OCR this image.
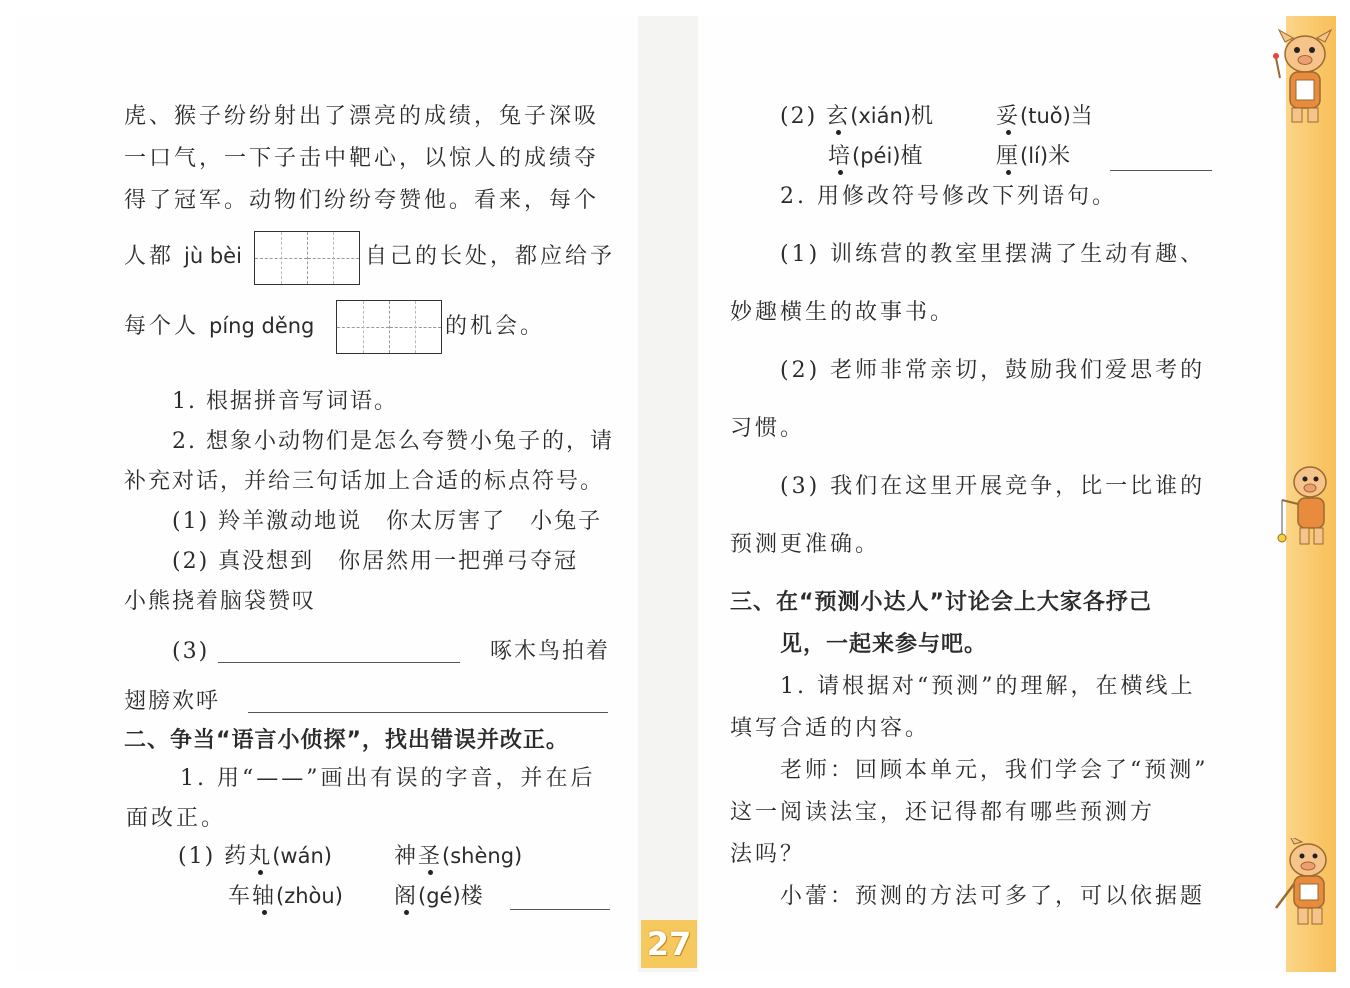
虎、猴子纷纷射出了漂亮的成绩，兔子深吸
一口气，一下子击中靶心，以惊人的成绩夺
得了冠军。动物们纷纷夸赞他。看来，每个
人都 jù bèi	自己的长处，都应给予
每个人 píng děng	的机会。
1. 根据拼音写词语。
2. 想象小动物们是怎么夸赞小兔子的，请
补充对话，并给三句话加上合适的标点符号。
(1) 羚羊激动地说　你太厉害了　小兔子
(2) 真没想到　你居然用一把弹弓夺冠
小熊挠着脑袋赞叹
(3)	啄木鸟拍着
翅膀欢呼
二、争当“语言小侦探”，找出错误并改正。
1. 用“——”画出有误的字音，并在后
面改正。
(1) 药丸(wán)	神圣(shèng)
车轴(zhòu) 阁(gé)楼
(2) 玄(xián)机	妥(tuǒ)当
培(péi)植	厘(lí)米
2. 用修改符号修改下列语句。
(1) 训练营的教室里摆满了生动有趣、
妙趣横生的故事书。
(2) 老师非常亲切，鼓励我们爱思考的
习惯。
(3) 我们在这里开展竞争，比一比谁的
预测更准确。
三、在“预测小达人”讨论会上大家各抒己
见，一起来参与吧。
1. 请根据对“预测”的理解，在横线上
填写合适的内容。
老师：回顾本单元，我们学会了“预测”
这一阅读法宝，还记得都有哪些预测方
法吗？
小蕾：预测的方法可多了，可以依据题
27
